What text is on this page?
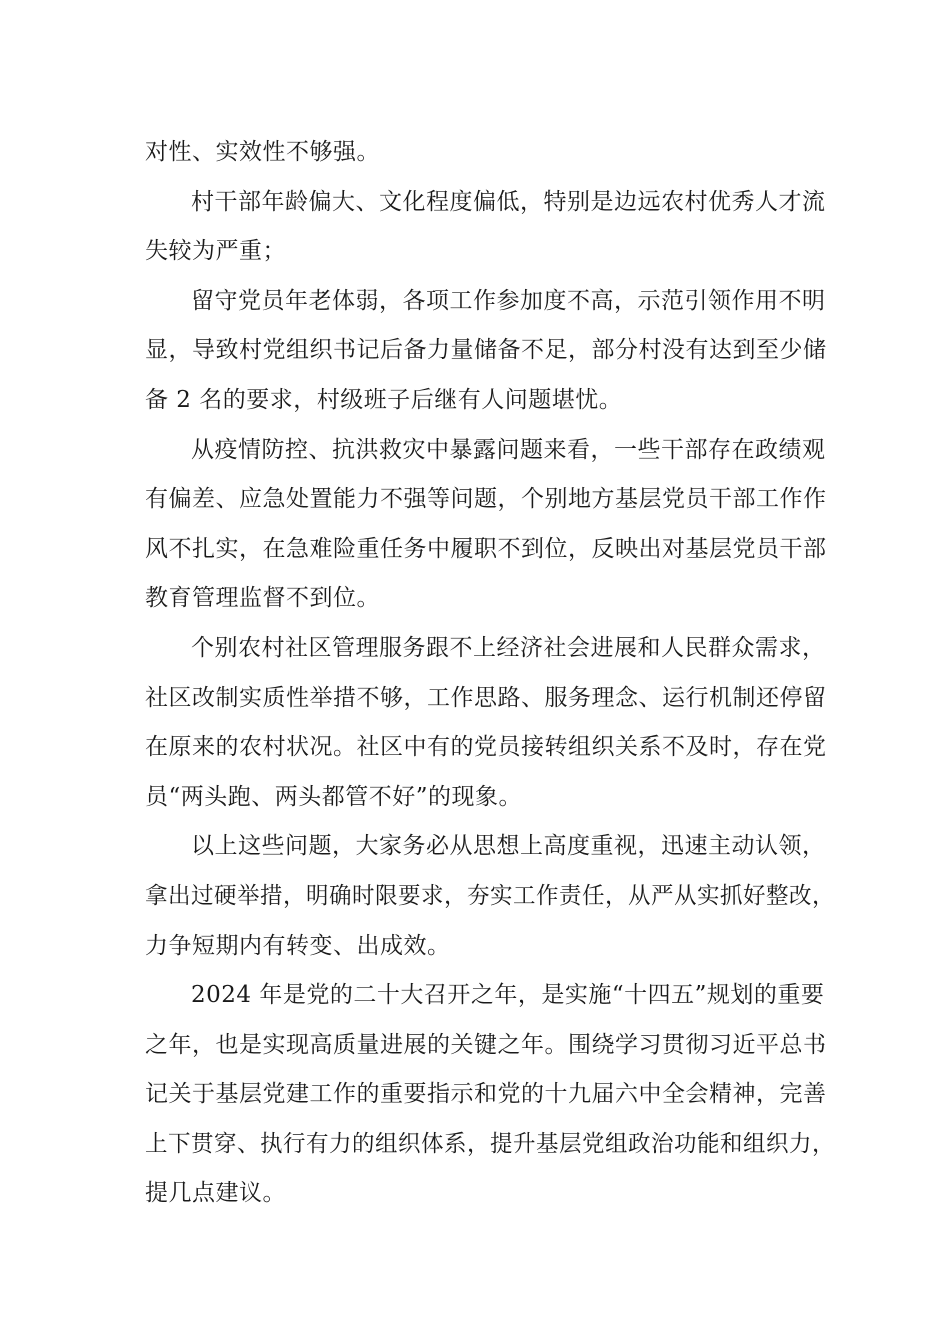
对性、实效性不够强。
村干部年龄偏大、文化程度偏低，特别是边远农村优秀人才流
失较为严重；
留守党员年老体弱，各项工作参加度不高，示范引领作用不明
显，导致村党组织书记后备力量储备不足，部分村没有达到至少储
备 2 名的要求，村级班子后继有人问题堪忧。
从疫情防控、抗洪救灾中暴露问题来看，一些干部存在政绩观
有偏差、应急处置能力不强等问题，个别地方基层党员干部工作作
风不扎实，在急难险重任务中履职不到位，反映出对基层党员干部
教育管理监督不到位。
个别农村社区管理服务跟不上经济社会进展和人民群众需求，
社区改制实质性举措不够，工作思路、服务理念、运行机制还停留
在原来的农村状况。社区中有的党员接转组织关系不及时，存在党
员“两头跑、两头都管不好”的现象。
以上这些问题，大家务必从思想上高度重视，迅速主动认领，
拿出过硬举措，明确时限要求，夯实工作责任，从严从实抓好整改，
力争短期内有转变、出成效。
2024 年是党的二十大召开之年，是实施“十四五”规划的重要
之年，也是实现高质量进展的关键之年。围绕学习贯彻习近平总书
记关于基层党建工作的重要指示和党的十九届六中全会精神，完善
上下贯穿、执行有力的组织体系，提升基层党组政治功能和组织力，
提几点建议。
